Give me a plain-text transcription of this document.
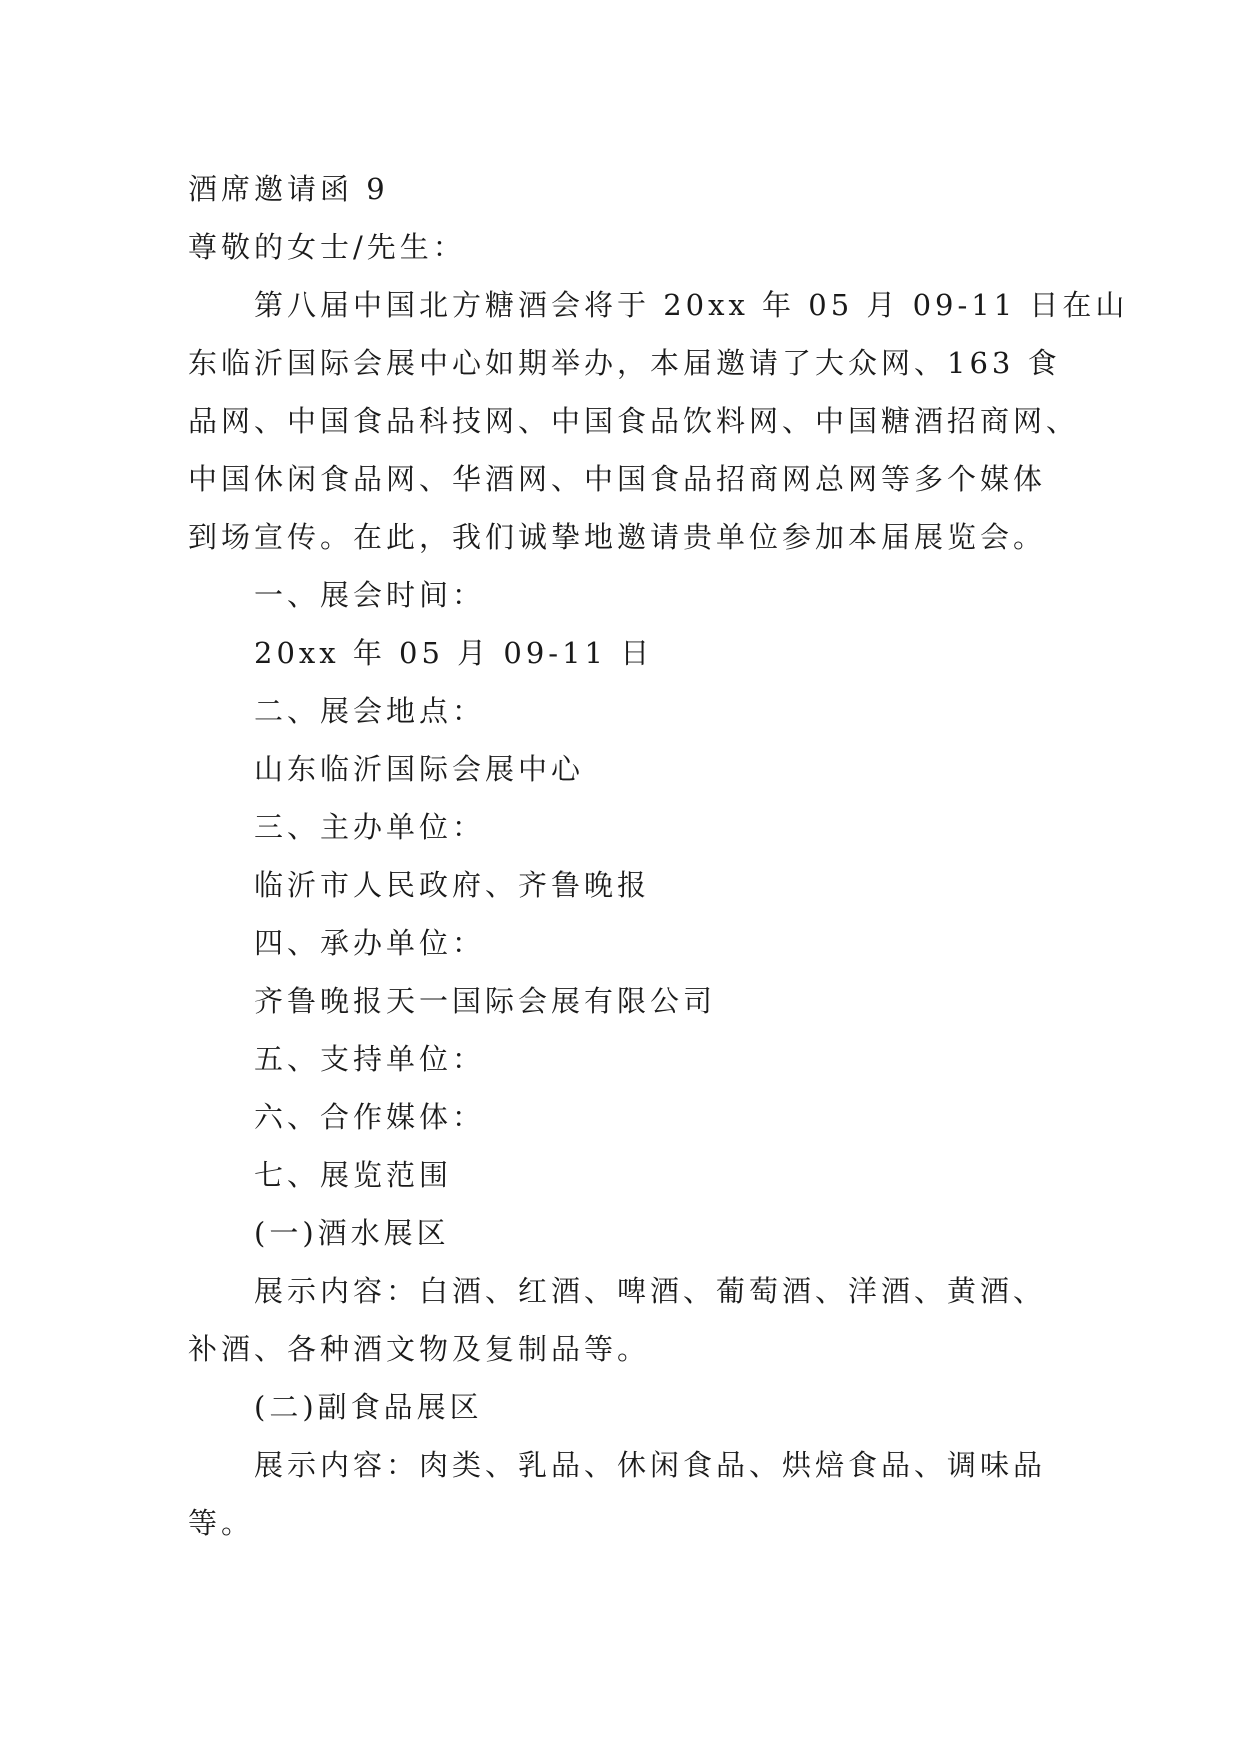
酒席邀请函 9

尊敬的女士/先生：

第八届中国北方糖酒会将于 20xx 年 05 月 09-11 日在山

东临沂国际会展中心如期举办，本届邀请了大众网、163 食

品网、中国食品科技网、中国食品饮料网、中国糖酒招商网、

中国休闲食品网、华酒网、中国食品招商网总网等多个媒体

到场宣传。在此，我们诚挚地邀请贵单位参加本届展览会。

一、展会时间：

20xx 年 05 月 09-11 日

二、展会地点：

山东临沂国际会展中心

三、主办单位：

临沂市人民政府、齐鲁晚报

四、承办单位：

齐鲁晚报天一国际会展有限公司

五、支持单位：

六、合作媒体：

七、展览范围

(一)酒水展区

展示内容：白酒、红酒、啤酒、葡萄酒、洋酒、黄酒、

补酒、各种酒文物及复制品等。

(二)副食品展区

展示内容：肉类、乳品、休闲食品、烘焙食品、调味品

等。
